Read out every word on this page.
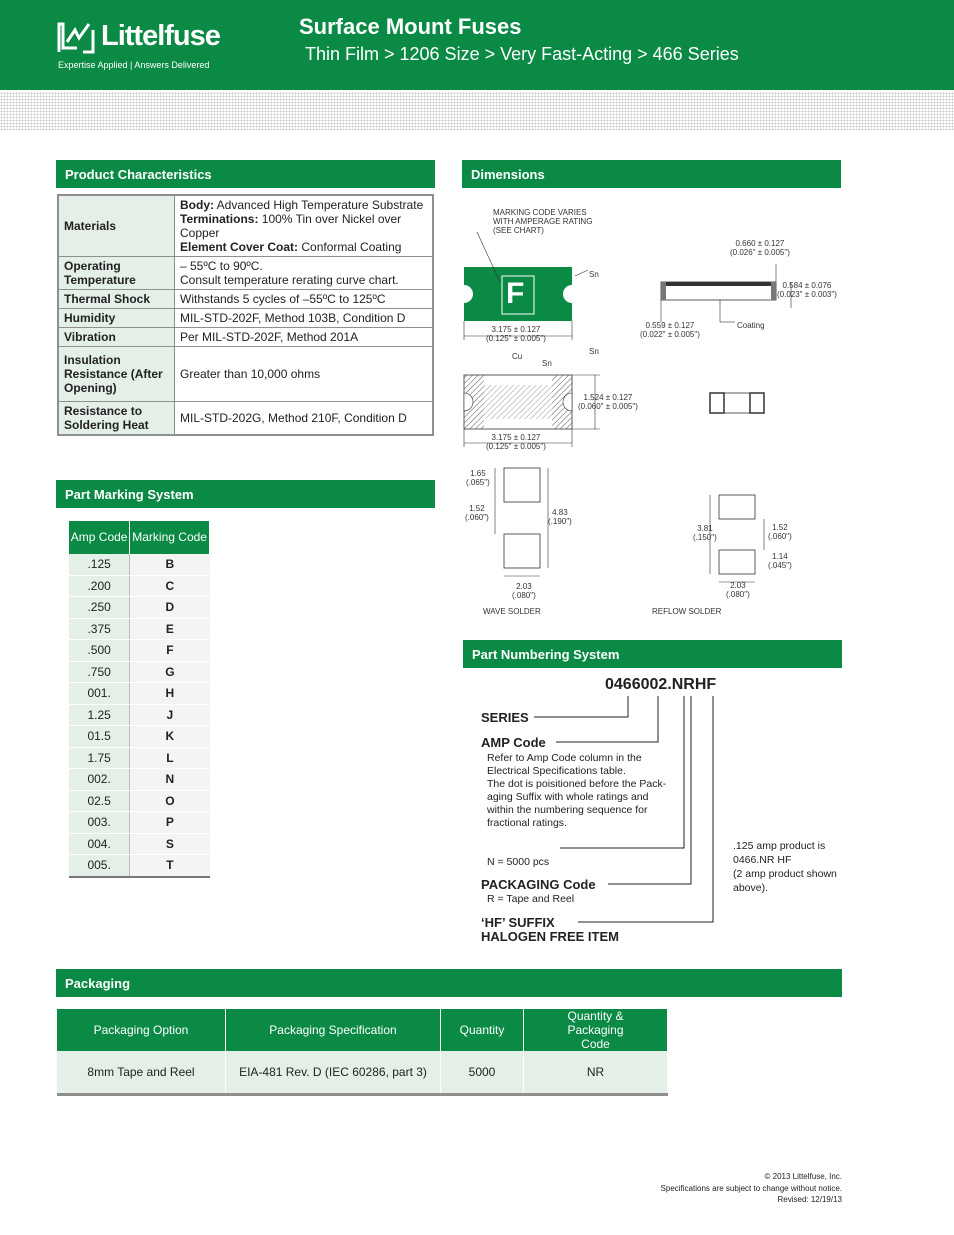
Littelfuse
Expertise Applied | Answers Delivered
Surface Mount Fuses
Thin Film > 1206 Size > Very Fast-Acting > 466 Series
Product Characteristics
Materials	Body: Advanced High Temperature Substrate
Terminations: 100% Tin over Nickel over Copper
Element Cover Coat: Conformal Coating

Operating Temperature	– 55ºC to 90ºC.
Consult temperature rerating curve chart.

Thermal Shock	Withstands 5 cycles of –55ºC to 125ºC

Humidity	MIL-STD-202F, Method 103B, Condition D

Vibration	Per MIL-STD-202F, Method 201A

Insulation Resistance (After Opening)	Greater than 10,000 ohms

Resistance to Soldering Heat	MIL-STD-202G, Method 210F, Condition D
Part Marking System
Amp Code	Marking Code
.125	B
.200	C
.250	D
.375	E
.500	F
.750	G
001.	H
1.25	J
01.5	K
1.75	L
002.	N
02.5	O
003.	P
004.	S
005.	T
Dimensions
F
MARKING CODE VARIES
WITH AMPERAGE RATING
(SEE CHART)
Sn
3.175 ± 0.127
(0.125" ± 0.005")
0.660 ± 0.127
(0.026" ± 0.005")
0.584 ± 0.076
(0.023" ± 0.003")
0.559 ± 0.127
(0.022" ± 0.005")
Coating
Cu
Sn
Sn
1.524 ± 0.127
(0.060" ± 0.005")
3.175 ± 0.127
(0.125" ± 0.005")
1.65
(.065")
1.52
(.060")
4.83
(.190")
2.03
(.080")
WAVE SOLDER
3.81
(.150")
1.52
(.060")
1.14
(.045")
2.03
(.080")
REFLOW SOLDER
Part Numbering System
0466002.NRHF
SERIES
AMP Code
Refer to Amp Code column in the
Electrical Specifications table.
The dot is poisitioned before the Pack-
aging Suffix with whole ratings and
within the numbering sequence for
fractional ratings.
N = 5000 pcs
PACKAGING Code
R = Tape and Reel
‘HF’ SUFFIX
HALOGEN FREE ITEM
.125 amp product is
0466.NR HF
(2 amp product shown
above).
Packaging
Packaging Option	Packaging Specification	Quantity	Quantity & Packaging Code
8mm Tape and Reel	EIA-481 Rev. D (IEC 60286, part 3)	5000	NR
© 2013 Littelfuse, Inc.
Specifications are subject to change without notice.
Revised: 12/19/13
